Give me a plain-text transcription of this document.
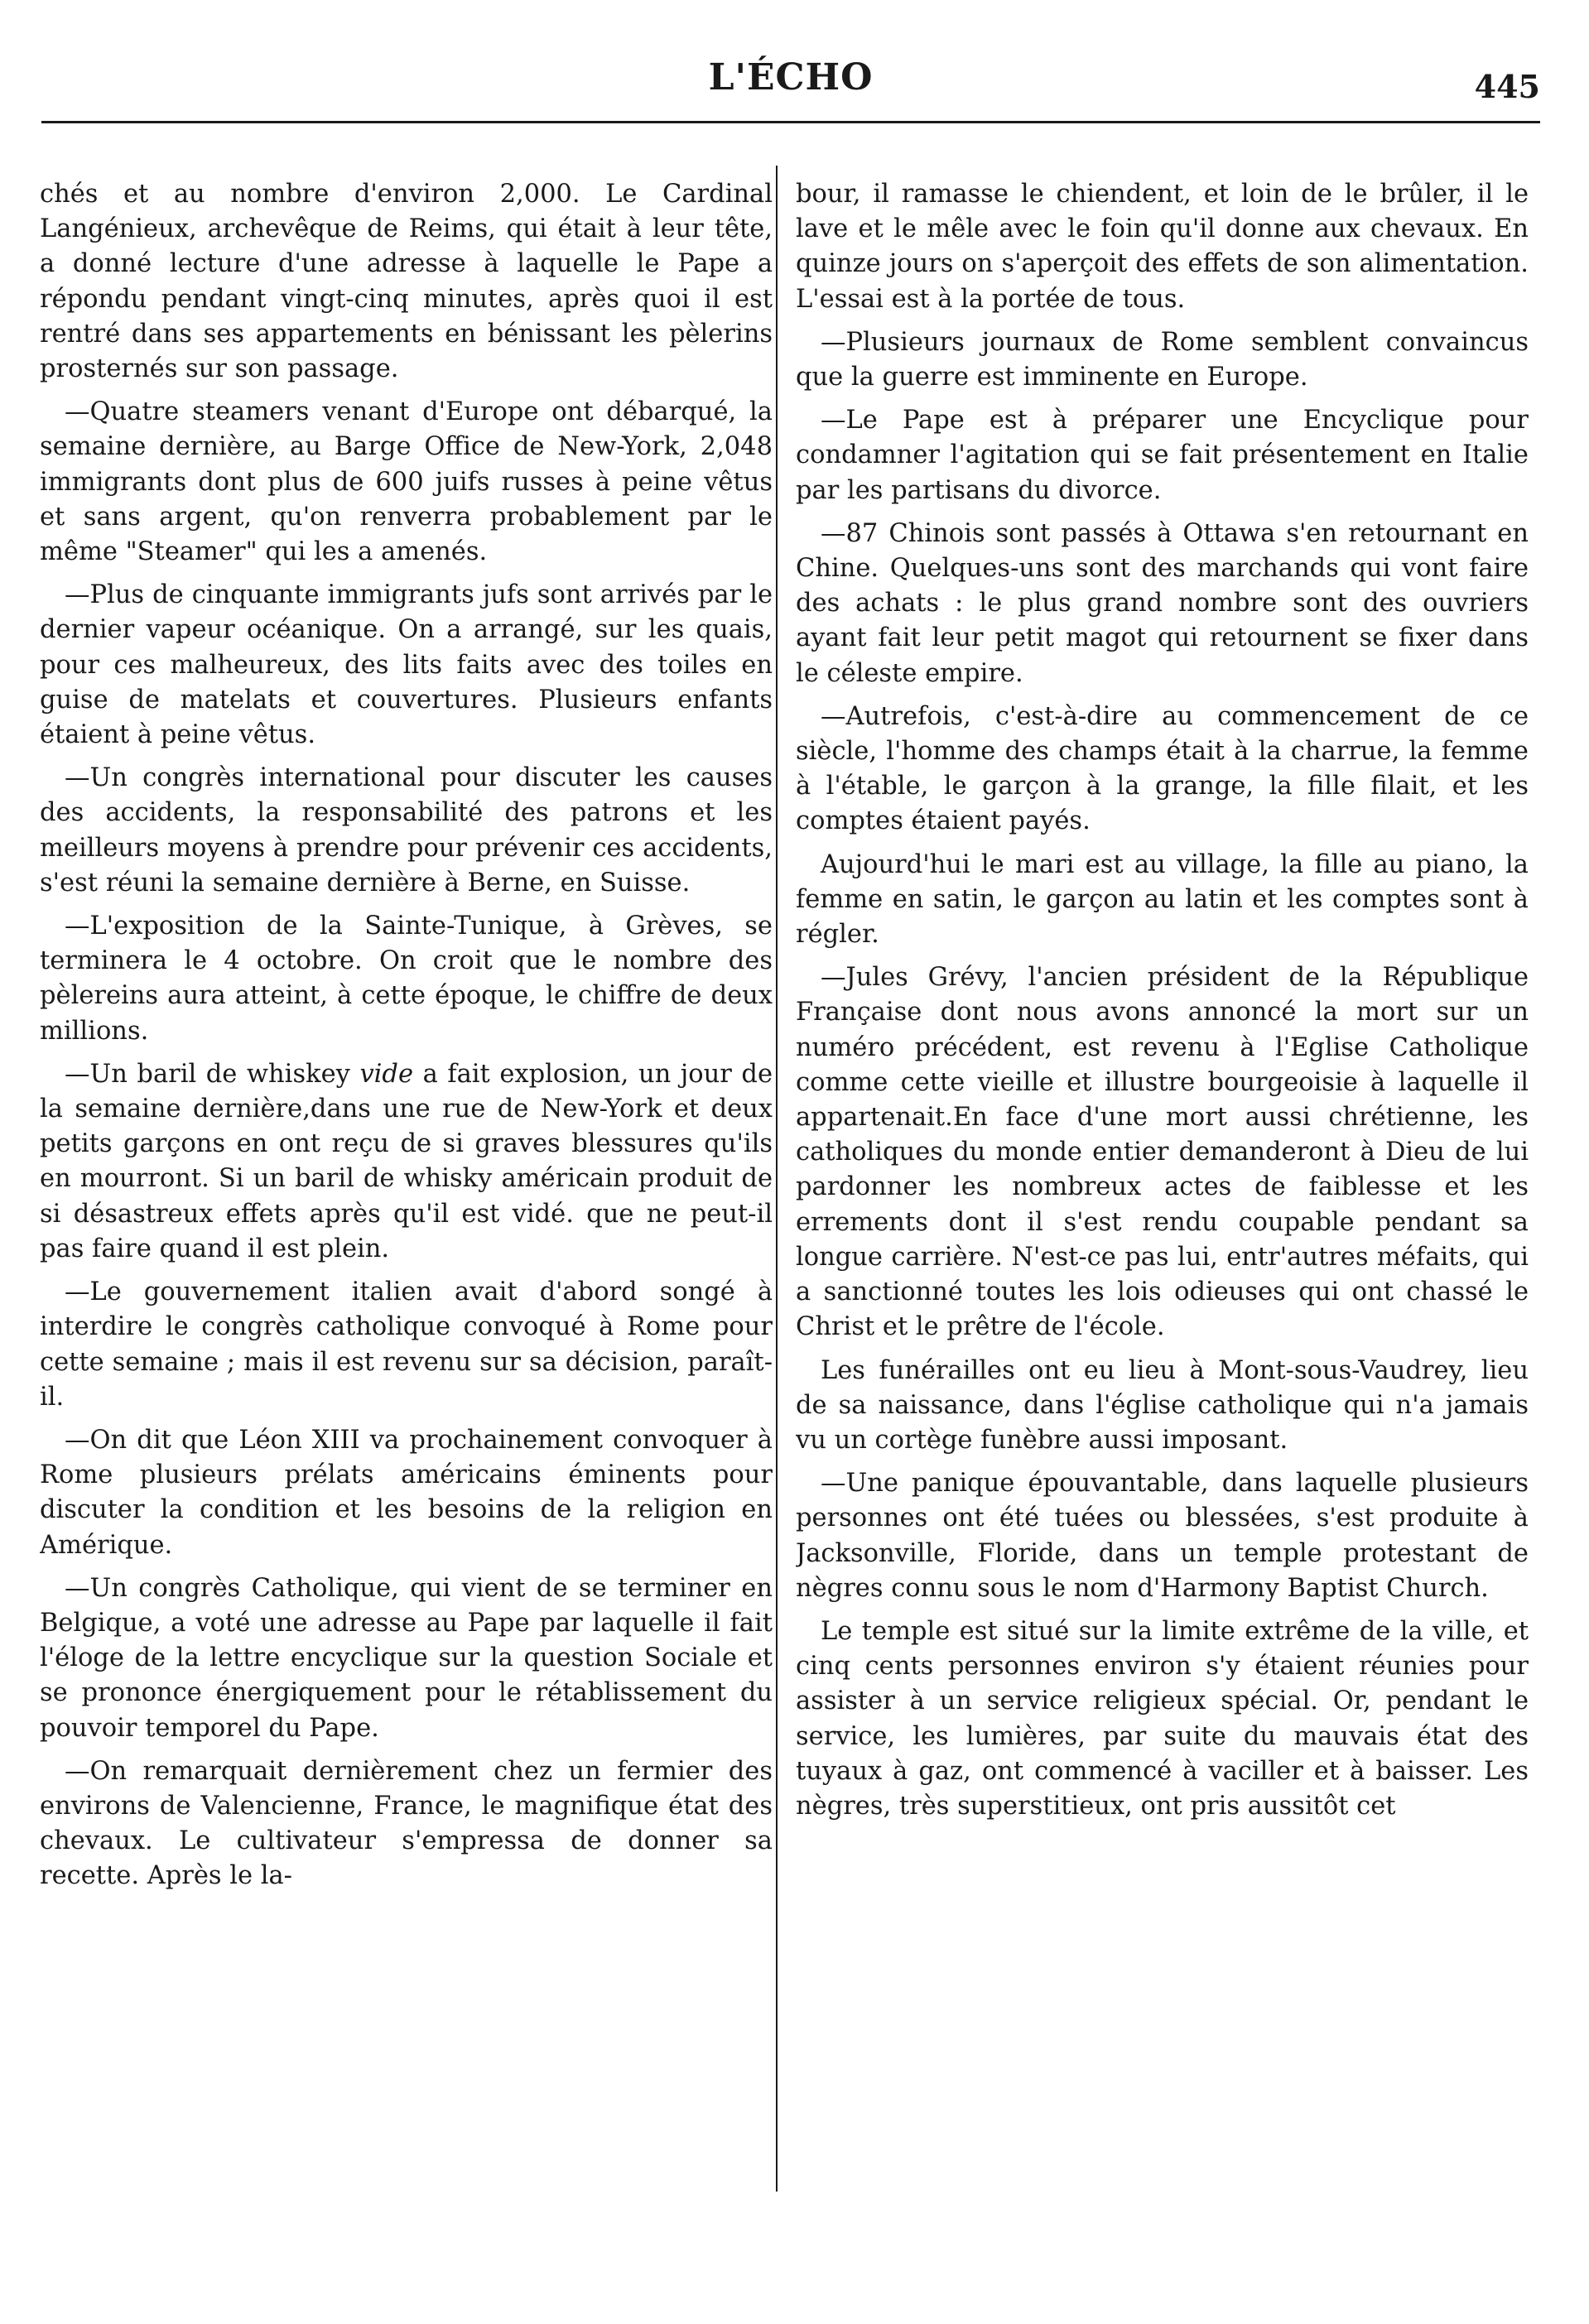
L'ÉCHO	445

chés et au nombre d'environ 2,000. Le Cardinal Langénieux, archevêque de Reims, qui était à leur tête, a donné lecture d'une adresse à laquelle le Pape a répondu pendant vingt-cinq minutes, après quoi il est rentré dans ses appartements en bénissant les pèlerins prosternés sur son passage.

—Quatre steamers venant d'Europe ont débarqué, la semaine dernière, au Barge Office de New-York, 2,048 immigrants dont plus de 600 juifs russes à peine vêtus et sans argent, qu'on renverra probablement par le même "Steamer" qui les a amenés.

—Plus de cinquante immigrants jufs sont arrivés par le dernier vapeur océanique. On a arrangé, sur les quais, pour ces malheureux, des lits faits avec des toiles en guise de matelats et couvertures. Plusieurs enfants étaient à peine vêtus.

—Un congrès international pour discuter les causes des accidents, la responsabilité des patrons et les meilleurs moyens à prendre pour prévenir ces accidents, s'est réuni la semaine dernière à Berne, en Suisse.

—L'exposition de la Sainte-Tunique, à Grèves, se terminera le 4 octobre. On croit que le nombre des pèlereins aura atteint, à cette époque, le chiffre de deux millions.

—Un baril de whiskey vide a fait explosion, un jour de la semaine dernière,dans une rue de New-York et deux petits garçons en ont reçu de si graves blessures qu'ils en mourront. Si un baril de whisky américain produit de si désastreux effets après qu'il est vidé. que ne peut-il pas faire quand il est plein.

—Le gouvernement italien avait d'abord songé à interdire le congrès catholique convoqué à Rome pour cette semaine ; mais il est revenu sur sa décision, paraît-il.

—On dit que Léon XIII va prochainement convoquer à Rome plusieurs prélats américains éminents pour discuter la condition et les besoins de la religion en Amérique.

—Un congrès Catholique, qui vient de se terminer en Belgique, a voté une adresse au Pape par laquelle il fait l'éloge de la lettre encyclique sur la question Sociale et se prononce énergiquement pour le rétablissement du pouvoir temporel du Pape.

—On remarquait dernièrement chez un fermier des environs de Valencienne, France, le magnifique état des chevaux. Le cultivateur s'empressa de donner sa recette. Après le la-

bour, il ramasse le chiendent, et loin de le brûler, il le lave et le mêle avec le foin qu'il donne aux chevaux. En quinze jours on s'aperçoit des effets de son alimentation. L'essai est à la portée de tous.

—Plusieurs journaux de Rome semblent convaincus que la guerre est imminente en Europe.

—Le Pape est à préparer une Encyclique pour condamner l'agitation qui se fait présentement en Italie par les partisans du divorce.

—87 Chinois sont passés à Ottawa s'en retournant en Chine. Quelques-uns sont des marchands qui vont faire des achats : le plus grand nombre sont des ouvriers ayant fait leur petit magot qui retournent se fixer dans le céleste empire.

—Autrefois, c'est-à-dire au commencement de ce siècle, l'homme des champs était à la charrue, la femme à l'étable, le garçon à la grange, la fille filait, et les comptes étaient payés.

Aujourd'hui le mari est au village, la fille au piano, la femme en satin, le garçon au latin et les comptes sont à régler.

—Jules Grévy, l'ancien président de la République Française dont nous avons annoncé la mort sur un numéro précédent, est revenu à l'Eglise Catholique comme cette vieille et illustre bourgeoisie à laquelle il appartenait.En face d'une mort aussi chrétienne, les catholiques du monde entier demanderont à Dieu de lui pardonner les nombreux actes de faiblesse et les errements dont il s'est rendu coupable pendant sa longue carrière. N'est-ce pas lui, entr'autres méfaits, qui a sanctionné toutes les lois odieuses qui ont chassé le Christ et le prêtre de l'école.

Les funérailles ont eu lieu à Mont-sous-Vaudrey, lieu de sa naissance, dans l'église catholique qui n'a jamais vu un cortège funèbre aussi imposant.

—Une panique épouvantable, dans laquelle plusieurs personnes ont été tuées ou blessées, s'est produite à Jacksonville, Floride, dans un temple protestant de nègres connu sous le nom d'Harmony Baptist Church.

Le temple est situé sur la limite extrême de la ville, et cinq cents personnes environ s'y étaient réunies pour assister à un service religieux spécial. Or, pendant le service, les lumières, par suite du mauvais état des tuyaux à gaz, ont commencé à vaciller et à baisser. Les nègres, très superstitieux, ont pris aussitôt cet
